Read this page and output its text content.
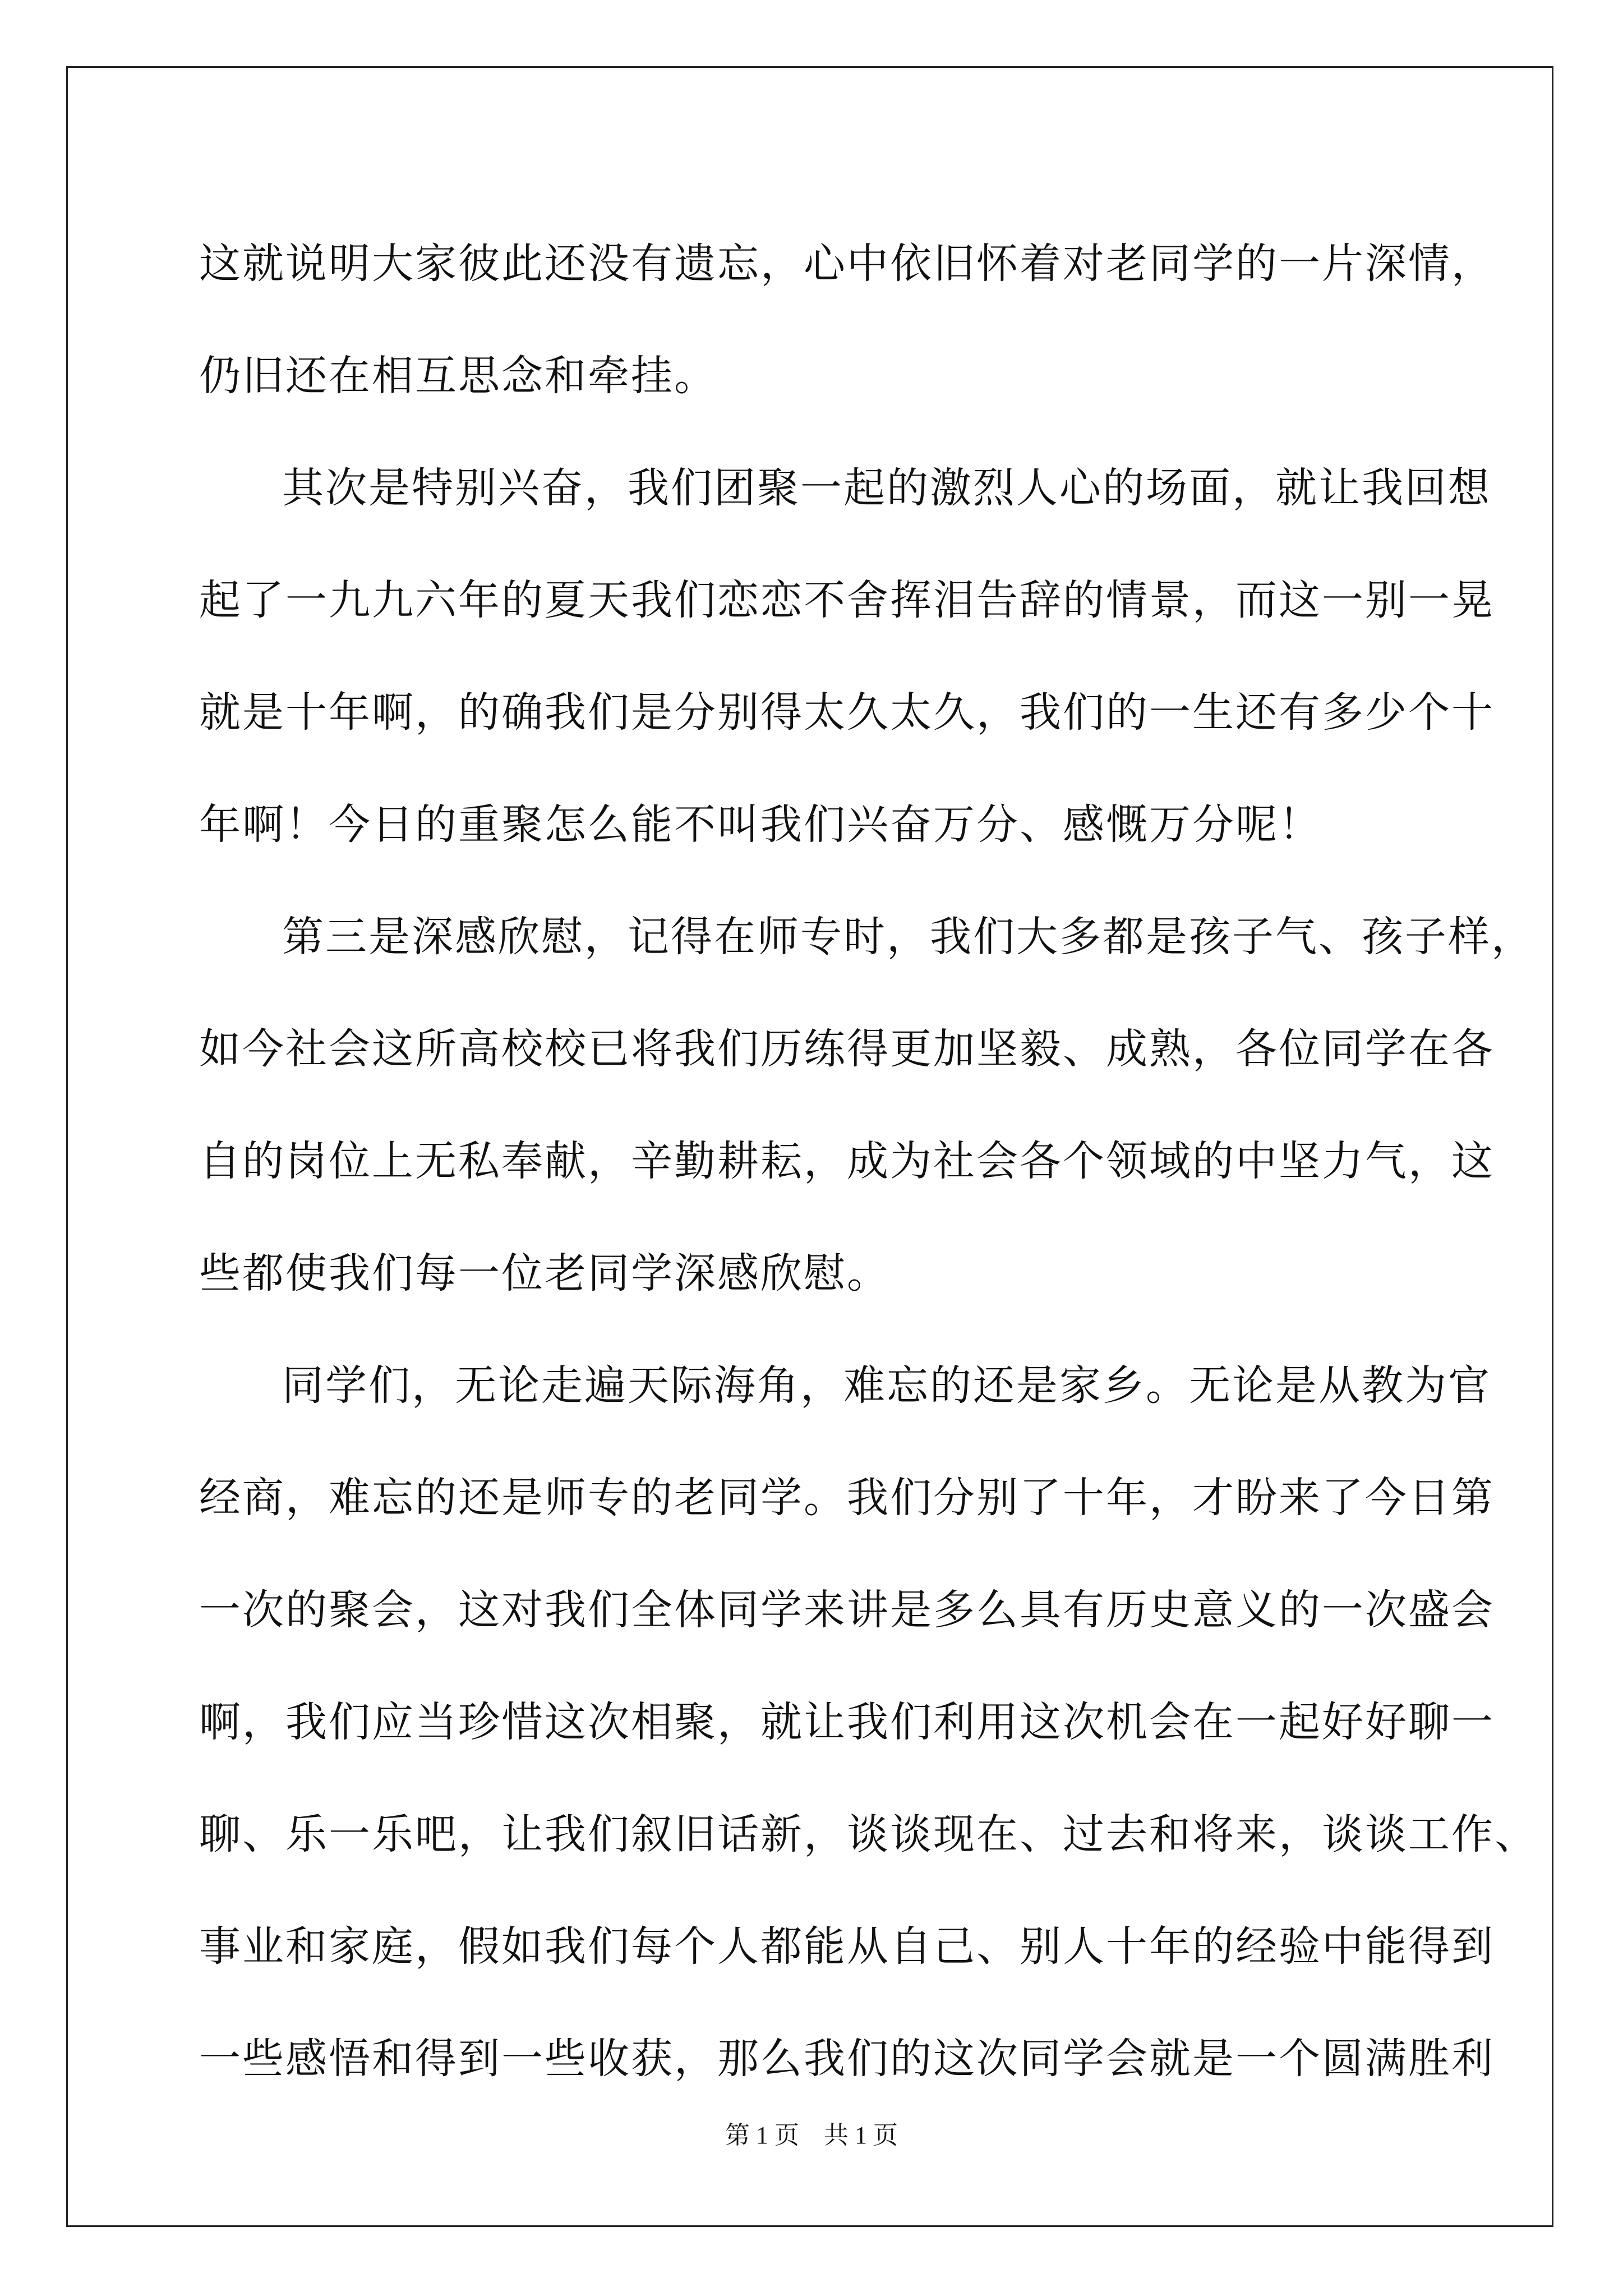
这就说明大家彼此还没有遗忘，心中依旧怀着对老同学的一片深情，
仍旧还在相互思念和牵挂。
其次是特别兴奋，我们团聚一起的激烈人心的场面，就让我回想
起了一九九六年的夏天我们恋恋不舍挥泪告辞的情景，而这一别一晃
就是十年啊，的确我们是分别得太久太久，我们的一生还有多少个十
年啊！今日的重聚怎么能不叫我们兴奋万分、感慨万分呢！
第三是深感欣慰，记得在师专时，我们大多都是孩子气、孩子样，
如今社会这所高校校已将我们历练得更加坚毅、成熟，各位同学在各
自的岗位上无私奉献，辛勤耕耘，成为社会各个领域的中坚力气，这
些都使我们每一位老同学深感欣慰。
同学们，无论走遍天际海角，难忘的还是家乡。无论是从教为官
经商，难忘的还是师专的老同学。我们分别了十年，才盼来了今日第
一次的聚会，这对我们全体同学来讲是多么具有历史意义的一次盛会
啊，我们应当珍惜这次相聚，就让我们利用这次机会在一起好好聊一
聊、乐一乐吧，让我们叙旧话新，谈谈现在、过去和将来，谈谈工作、
事业和家庭，假如我们每个人都能从自己、别人十年的经验中能得到
一些感悟和得到一些收获，那么我们的这次同学会就是一个圆满胜利
第 1 页    共 1 页
